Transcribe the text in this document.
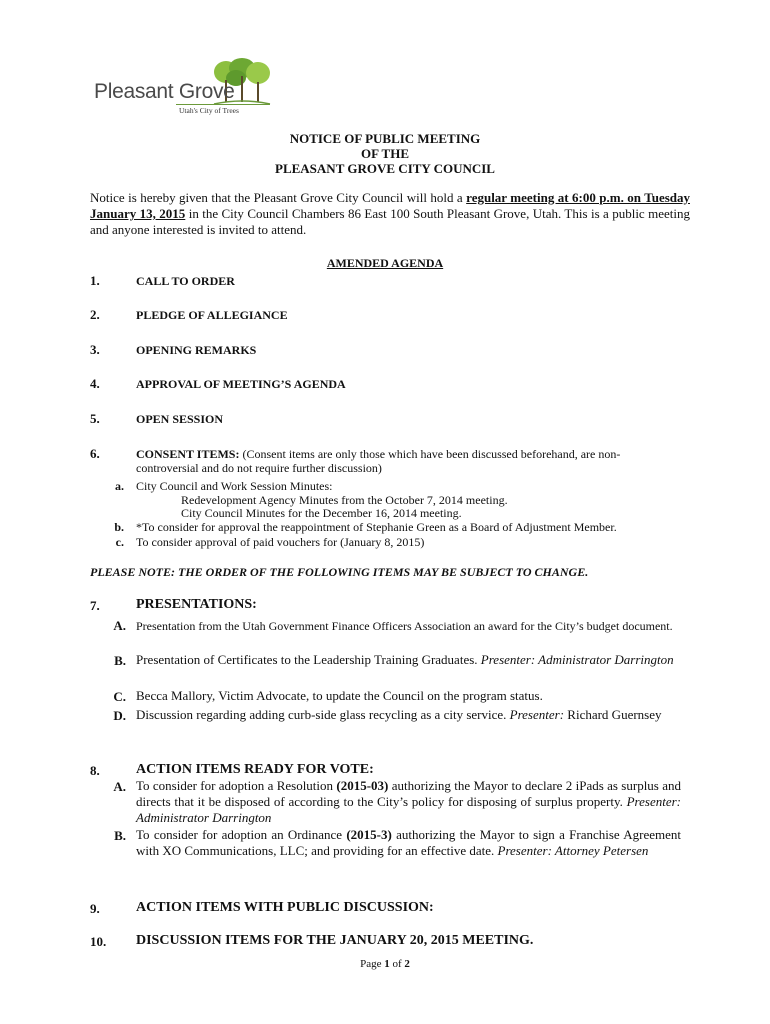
Pleasant Grove
Utah's City of Trees
NOTICE OF PUBLIC MEETING
OF THE
PLEASANT GROVE CITY COUNCIL
Notice is hereby given that the Pleasant Grove City Council will hold a regular meeting at 6:00 p.m. on Tuesday January 13, 2015 in the City Council Chambers 86 East 100 South Pleasant Grove, Utah. This is a public meeting and anyone interested is invited to attend.
AMENDED AGENDA
1.	CALL TO ORDER
2.	PLEDGE OF ALLEGIANCE
3.	OPENING REMARKS
4.	APPROVAL OF MEETING’S AGENDA
5.	OPEN SESSION
6.	CONSENT ITEMS: (Consent items are only those which have been discussed beforehand, are non-controversial and do not require further discussion)
a. City Council and Work Session Minutes:
Redevelopment Agency Minutes from the October 7, 2014 meeting.
City Council Minutes for the December 16, 2014 meeting.
b. *To consider for approval the reappointment of Stephanie Green as a Board of Adjustment Member.
c. To consider approval of paid vouchers for (January 8, 2015)
PLEASE NOTE: THE ORDER OF THE FOLLOWING ITEMS MAY BE SUBJECT TO CHANGE.
7.	PRESENTATIONS:
A. Presentation from the Utah Government Finance Officers Association an award for the City’s budget document.
B. Presentation of Certificates to the Leadership Training Graduates. Presenter: Administrator Darrington
C. Becca Mallory, Victim Advocate, to update the Council on the program status.
D. Discussion regarding adding curb-side glass recycling as a city service. Presenter: Richard Guernsey
8.	ACTION ITEMS READY FOR VOTE:
A. To consider for adoption a Resolution (2015-03) authorizing the Mayor to declare 2 iPads as surplus and directs that it be disposed of according to the City’s policy for disposing of surplus property. Presenter: Administrator Darrington
B. To consider for adoption an Ordinance (2015-3) authorizing the Mayor to sign a Franchise Agreement with XO Communications, LLC; and providing for an effective date. Presenter: Attorney Petersen
9.	ACTION ITEMS WITH PUBLIC DISCUSSION:
10. DISCUSSION ITEMS FOR THE JANUARY 20, 2015 MEETING.
Page 1 of 2
